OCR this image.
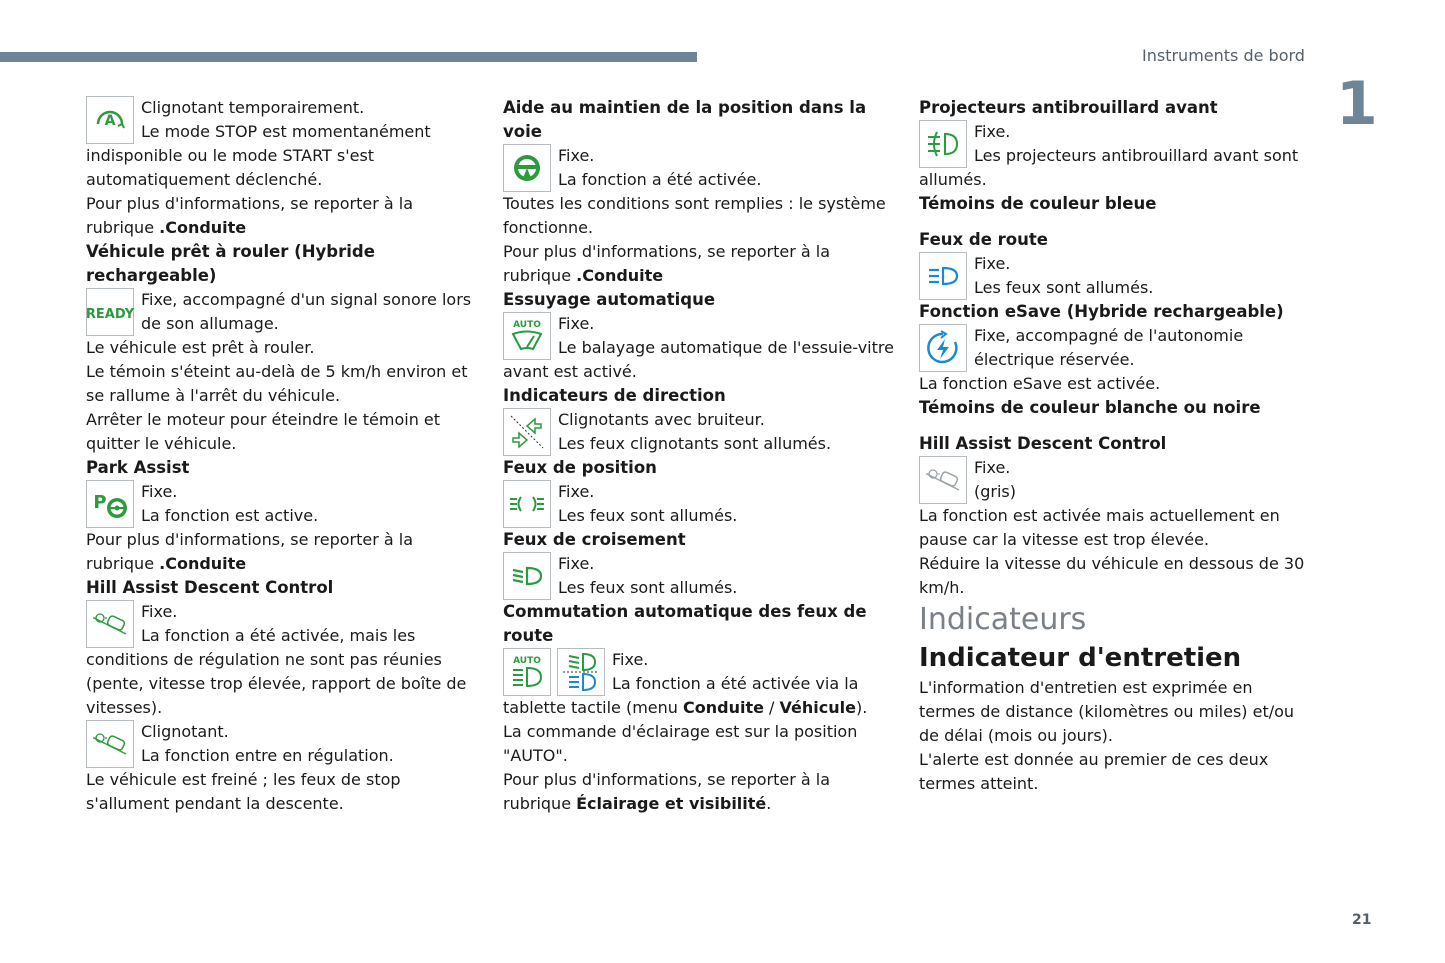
Instruments de bord
1
21
A

Clignotant temporairement.

Le mode STOP est momentanément

indisponible ou le mode START s'est automatiquement déclenché.

Pour plus d'informations, se reporter à la rubrique .Conduite

Véhicule prêt à rouler (Hybride rechargeable)

READY

Fixe, accompagné d'un signal sonore lors de son allumage.

Le véhicule est prêt à rouler.

Le témoin s'éteint au-delà de 5 km/h environ et se rallume à l'arrêt du véhicule.

Arrêter le moteur pour éteindre le témoin et quitter le véhicule.

Park Assist

P

Fixe.

La fonction est active.

Pour plus d'informations, se reporter à la rubrique .Conduite

Hill Assist Descent Control

Fixe.

La fonction a été activée, mais les

conditions de régulation ne sont pas réunies (pente, vitesse trop élevée, rapport de boîte de vitesses).

Clignotant.

La fonction entre en régulation.

Le véhicule est freiné ; les feux de stop s'allument pendant la descente.

Aide au maintien de la position dans la voie

Fixe.

La fonction a été activée.

Toutes les conditions sont remplies : le système fonctionne.

Pour plus d'informations, se reporter à la rubrique .Conduite

Essuyage automatique

AUTO Fixe.

Le balayage automatique de l'essuie-vitre

avant est activé.

Indicateurs de direction

Clignotants avec bruiteur.

Les feux clignotants sont allumés.

Feux de position

Fixe.

Les feux sont allumés.

Feux de croisement

Fixe.

Les feux sont allumés.

Commutation automatique des feux de route

AUTO	Fixe.

La fonction a été activée via la

tablette tactile (menu Conduite / Véhicule).

La commande d'éclairage est sur la position "AUTO".

Pour plus d'informations, se reporter à la rubrique Éclairage et visibilité.

Projecteurs antibrouillard avant

Fixe.

Les projecteurs antibrouillard avant sont

allumés.

Témoins de couleur bleue

Feux de route

Fixe.

Les feux sont allumés.

Fonction eSave (Hybride rechargeable)

Fixe, accompagné de l'autonomie

électrique réservée.

La fonction eSave est activée.

Témoins de couleur blanche ou noire

Hill Assist Descent Control

Fixe.

(gris)

La fonction est activée mais actuellement en pause car la vitesse est trop élevée.

Réduire la vitesse du véhicule en dessous de 30 km/h.

Indicateurs

Indicateur d'entretien

L'information d'entretien est exprimée en termes de distance (kilomètres ou miles) et/ou de délai (mois ou jours).

L'alerte est donnée au premier de ces deux termes atteint.
